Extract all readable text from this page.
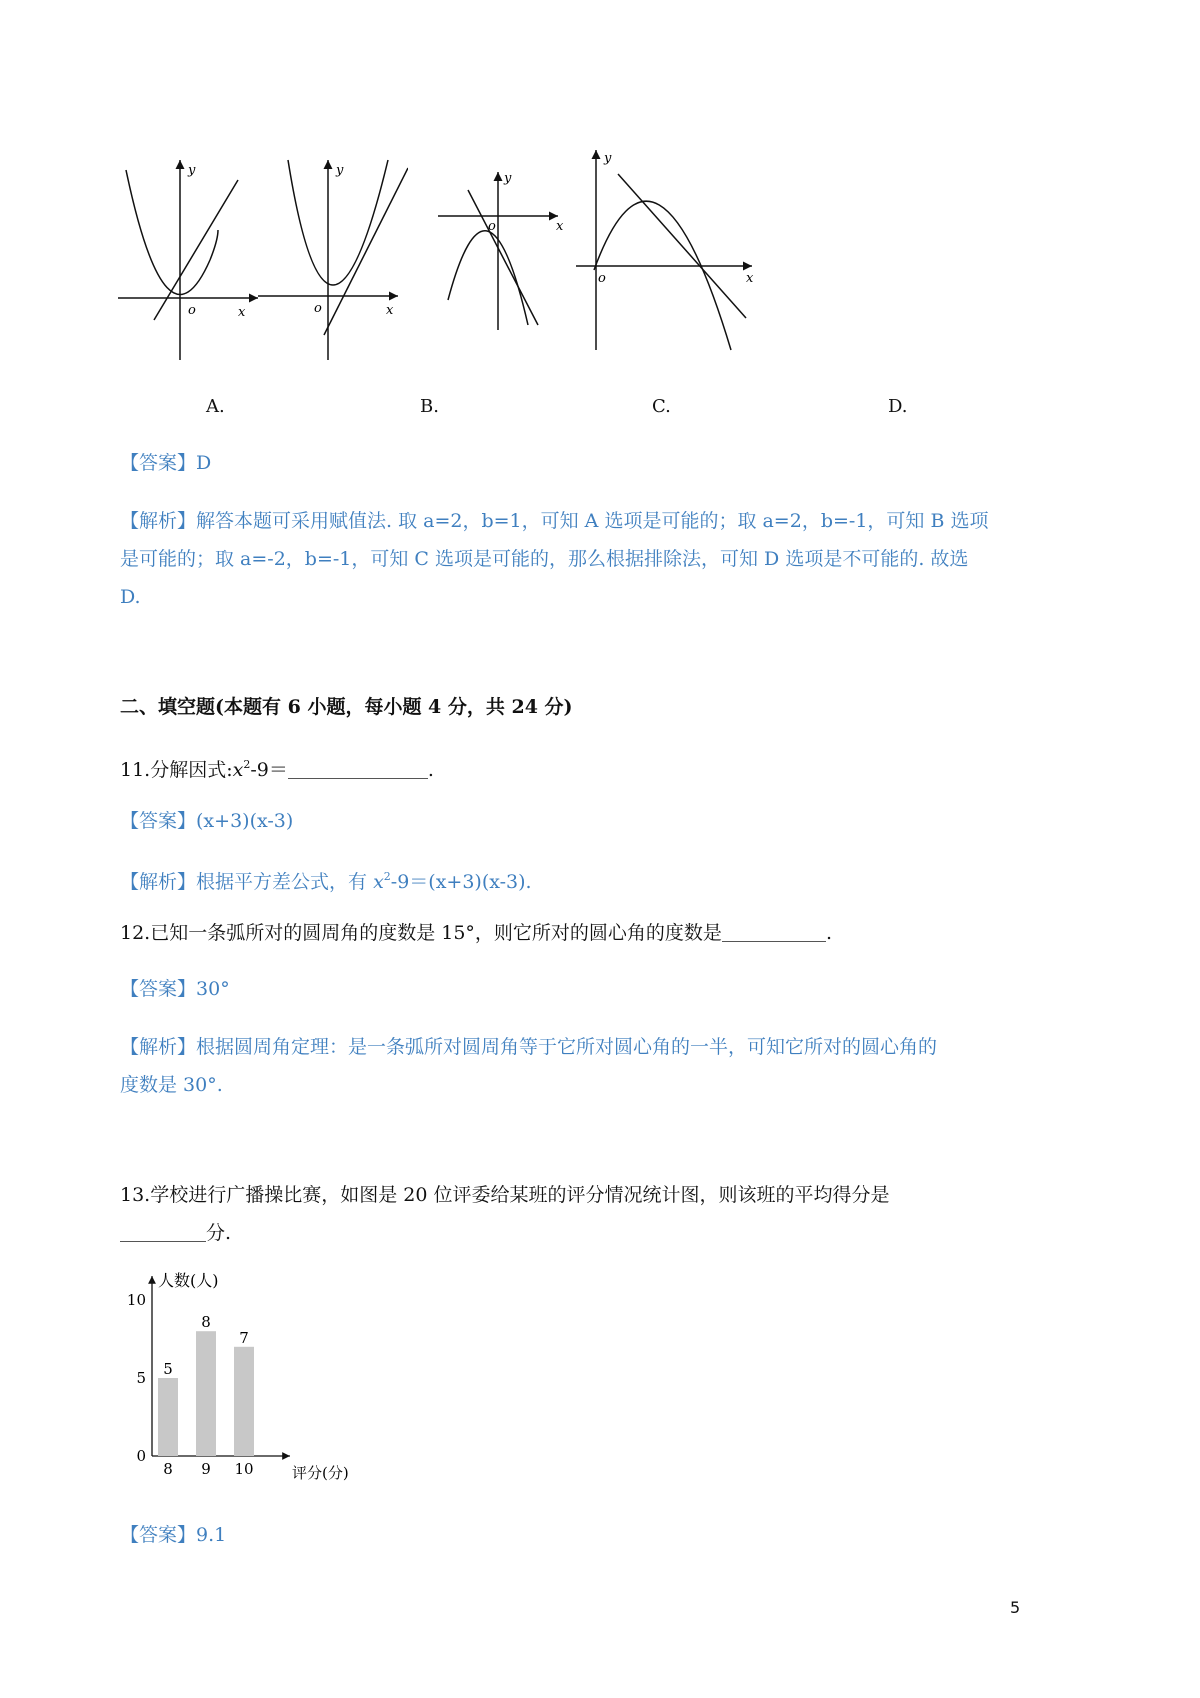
y
o	x
y
o	x
y
o	x
y
o	x
A.	B.	C.	D.
【答案】D
【解析】解答本题可采用赋值法. 取 a=2，b=1，可知 A 选项是可能的；取 a=2，b=-1，可知 B 选项
是可能的；取 a=-2，b=-1，可知 C 选项是可能的，那么根据排除法，可知 D 选项是不可能的. 故选
D.
二、填空题(本题有 6 小题，每小题 4 分，共 24 分)
11.分解因式$:x^2-9=$	.
【答案】(x+3)(x-3)
【解析】根据平方差公式，有 $x^2-9=(x+3)(x-3)$.
12.已知一条弧所对的圆周角的度数是 15°，则它所对的圆心角的度数是	.
【答案】30°
【解析】根据圆周角定理：是一条弧所对圆周角等于它所对圆心角的一半，可知它所对的圆心角的
度数是 30°.
13.学校进行广播操比赛，如图是 20 位评委给某班的评分情况统计图，则该班的平均得分是
分.
人数(人)
评分(分)
0
5
10
5
8
8
9
7
10
【答案】9.1
5
